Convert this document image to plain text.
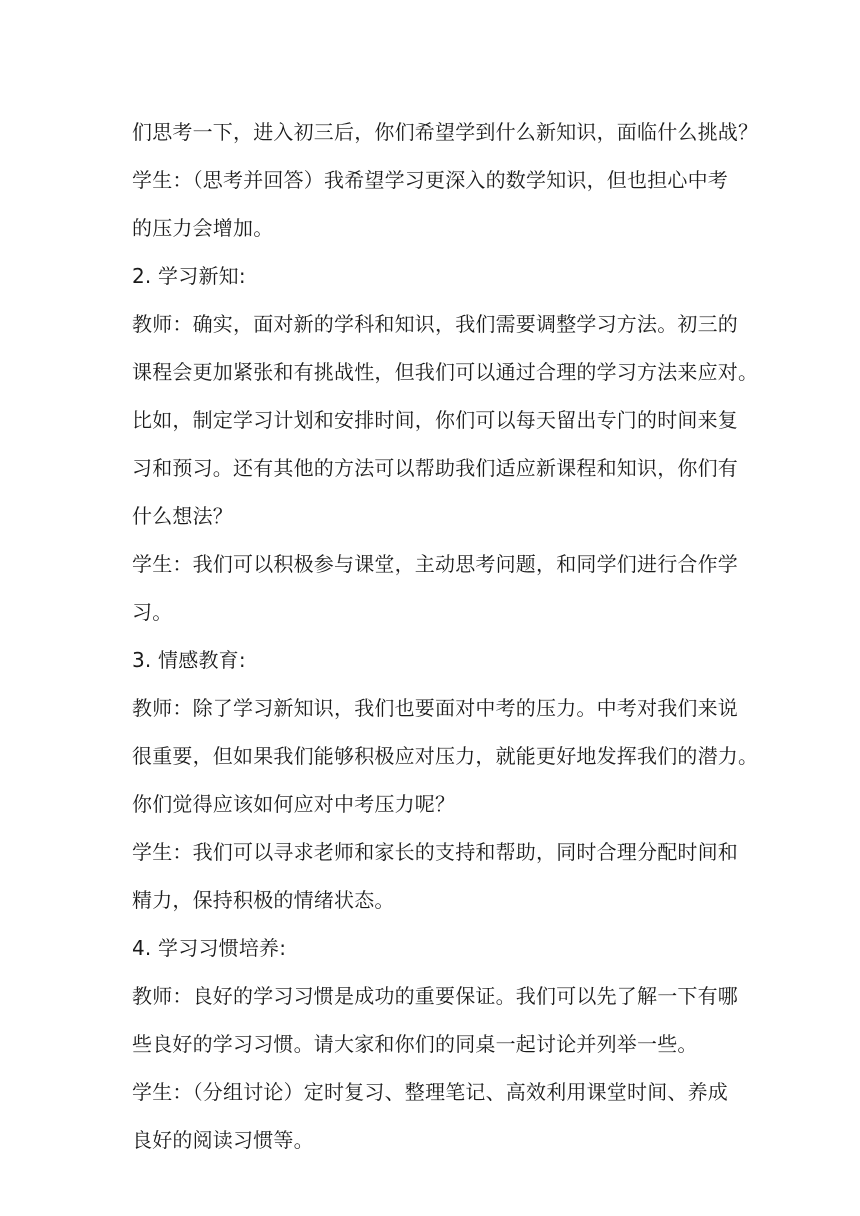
们思考一下，进入初三后，你们希望学到什么新知识，面临什么挑战？
学生：（思考并回答）我希望学习更深入的数学知识，但也担心中考
的压力会增加。
2. 学习新知:
教师：确实，面对新的学科和知识，我们需要调整学习方法。初三的
课程会更加紧张和有挑战性，但我们可以通过合理的学习方法来应对。
比如，制定学习计划和安排时间，你们可以每天留出专门的时间来复
习和预习。还有其他的方法可以帮助我们适应新课程和知识，你们有
什么想法？
学生：我们可以积极参与课堂，主动思考问题，和同学们进行合作学
习。
3. 情感教育:
教师：除了学习新知识，我们也要面对中考的压力。中考对我们来说
很重要，但如果我们能够积极应对压力，就能更好地发挥我们的潜力。
你们觉得应该如何应对中考压力呢？
学生：我们可以寻求老师和家长的支持和帮助，同时合理分配时间和
精力，保持积极的情绪状态。
4. 学习习惯培养:
教师：良好的学习习惯是成功的重要保证。我们可以先了解一下有哪
些良好的学习习惯。请大家和你们的同桌一起讨论并列举一些。
学生：（分组讨论）定时复习、整理笔记、高效利用课堂时间、养成
良好的阅读习惯等。
